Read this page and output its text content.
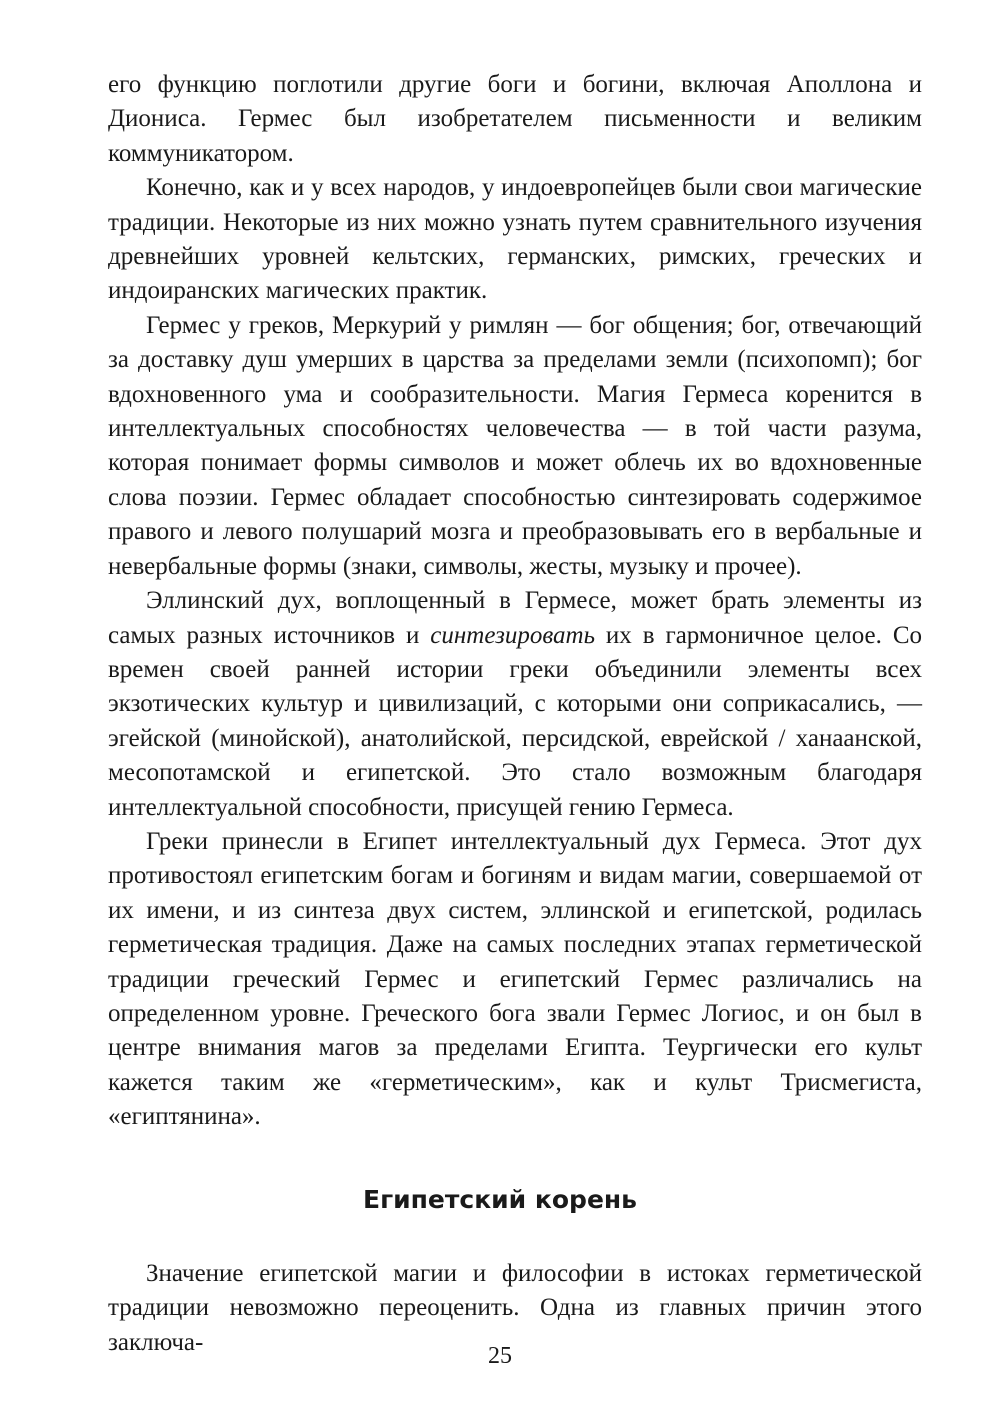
его функцию поглотили другие боги и богини, включая Аполлона и Диониса. Гермес был изобретателем письменности и великим коммуникатором.

Конечно, как и у всех народов, у индоевропейцев были свои магические традиции. Некоторые из них можно узнать путем сравнительного изучения древнейших уровней кельтских, германских, римских, греческих и индоиранских магических практик.

Гермес у греков, Меркурий у римлян — бог общения; бог, отвечающий за доставку душ умерших в царства за пределами земли (психопомп); бог вдохновенного ума и сообразительности. Магия Гермеса коренится в интеллектуальных способностях человечества — в той части разума, которая понимает формы символов и может облечь их во вдохновенные слова поэзии. Гермес обладает способностью синтезировать содержимое правого и левого полушарий мозга и преобразовывать его в вербальные и невербальные формы (знаки, символы, жесты, музыку и прочее).

Эллинский дух, воплощенный в Гермесе, может брать элементы из самых разных источников и синтезировать их в гармоничное целое. Со времен своей ранней истории греки объединили элементы всех экзотических культур и цивилизаций, с которыми они соприкасались, — эгейской (минойской), анатолийской, персидской, еврейской / ханаанской, месопотамской и египетской. Это стало возможным благодаря интеллектуальной способности, присущей гению Гермеса.

Греки принесли в Египет интеллектуальный дух Гермеса. Этот дух противостоял египетским богам и богиням и видам магии, совершаемой от их имени, и из синтеза двух систем, эллинской и египетской, родилась герметическая традиция. Даже на самых последних этапах герметической традиции греческий Гермес и египетский Гермес различались на определенном уровне. Греческого бога звали Гермес Логиос, и он был в центре внимания магов за пределами Египта. Теургически его культ кажется таким же «герметическим», как и культ Трисмегиста, «египтянина».

Египетский корень

Значение египетской магии и философии в истоках герметической традиции невозможно переоценить. Одна из главных причин этого заключа-

25
